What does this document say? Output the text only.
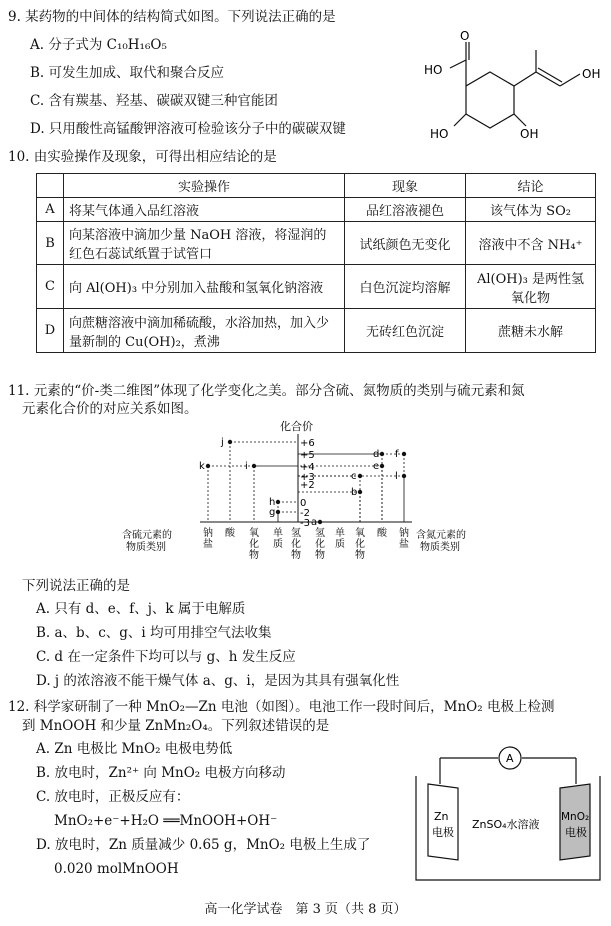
9. 某药物的中间体的结构简式如图。下列说法正确的是
A. 分子式为 C₁₀H₁₆O₅
B. 可发生加成、取代和聚合反应
C. 含有羰基、羟基、碳碳双键三种官能团
D. 只用酸性高锰酸钾溶液可检验该分子中的碳碳双键
O
HO
HO	OH
OH
10. 由实验操作及现象，可得出相应结论的是
	实验操作	现象	结论
A	将某气体通入品红溶液	品红溶液褪色	该气体为 SO₂
B	向某溶液中滴加少量 NaOH 溶液，将湿润的红色石蕊试纸置于试管口	试纸颜色无变化	溶液中不含 NH₄⁺
C	向 Al(OH)₃ 中分别加入盐酸和氢氧化钠溶液	白色沉淀均溶解	Al(OH)₃ 是两性氢氧化物
D	向蔗糖溶液中滴加稀硫酸，水浴加热，加入少量新制的 Cu(OH)₂，煮沸	无砖红色沉淀	蔗糖未水解
11. 元素的“价-类二维图”体现了化学变化之美。部分含硫、氮物质的类别与硫元素和氮
元素化合价的对应关系如图。
化合价
+6
+5
+4
+3
+2
0
-2
-3 a
b
c
d
e
f
g
h
i
j
k
l
含硫元素的
物质类别
含氮元素的
物质类别
钠
盐
酸 氧
化
物
单
质
氢
化
物
氢
化
物
单
质
氧
化
物
酸 钠
盐
下列说法正确的是
A. 只有 d、e、f、j、k 属于电解质
B. a、b、c、g、i 均可用排空气法收集
C. d 在一定条件下均可以与 g、h 发生反应
D. j 的浓溶液不能干燥气体 a、g、i，是因为其具有强氧化性
12. 科学家研制了一种 MnO₂—Zn 电池（如图）。电池工作一段时间后，MnO₂ 电极上检测
到 MnOOH 和少量 ZnMn₂O₄。下列叙述错误的是
A. Zn 电极比 MnO₂ 电极电势低
B. 放电时，Zn²⁺ 向 MnO₂ 电极方向移动
C. 放电时，正极反应有：
MnO₂+e⁻+H₂O ══MnOOH+OH⁻
D. 放电时，Zn 质量减少 0.65 g，MnO₂ 电极上生成了
0.020 molMnOOH
A
Zn
电极
ZnSO₄水溶液
MnO₂
电极
高一化学试卷　第 3 页（共 8 页）
